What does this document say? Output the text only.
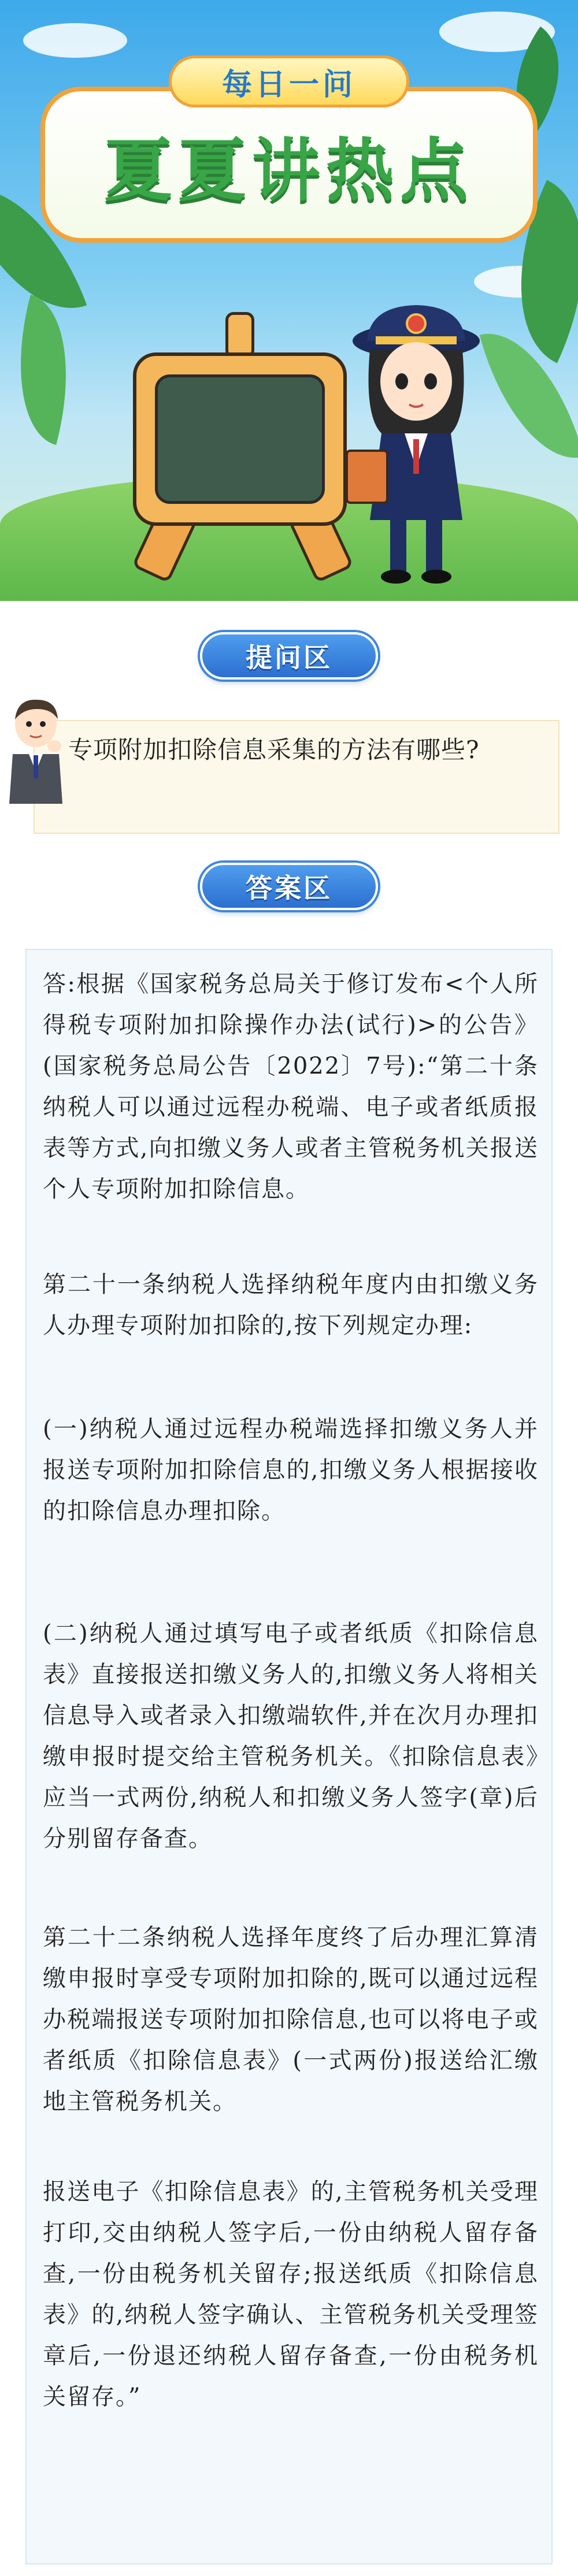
每日一问
夏夏讲热点
提问区
专项附加扣除信息采集的方法有哪些?
答案区

答:根据《国家税务总局关于修订发布<个人所得税专项附加扣除操作办法(试行)>的公告》(国家税务总局公告〔2022〕7号):“第二十条纳税人可以通过远程办税端、电子或者纸质报表等方式,向扣缴义务人或者主管税务机关报送个人专项附加扣除信息。

第二十一条纳税人选择纳税年度内由扣缴义务人办理专项附加扣除的,按下列规定办理:

(一)纳税人通过远程办税端选择扣缴义务人并报送专项附加扣除信息的,扣缴义务人根据接收的扣除信息办理扣除。

(二)纳税人通过填写电子或者纸质《扣除信息表》直接报送扣缴义务人的,扣缴义务人将相关信息导入或者录入扣缴端软件,并在次月办理扣缴申报时提交给主管税务机关。《扣除信息表》应当一式两份,纳税人和扣缴义务人签字(章)后分别留存备查。

第二十二条纳税人选择年度终了后办理汇算清缴申报时享受专项附加扣除的,既可以通过远程办税端报送专项附加扣除信息,也可以将电子或者纸质《扣除信息表》(一式两份)报送给汇缴地主管税务机关。

报送电子《扣除信息表》的,主管税务机关受理打印,交由纳税人签字后,一份由纳税人留存备查,一份由税务机关留存;报送纸质《扣除信息表》的,纳税人签字确认、主管税务机关受理签章后,一份退还纳税人留存备查,一份由税务机关留存。”
